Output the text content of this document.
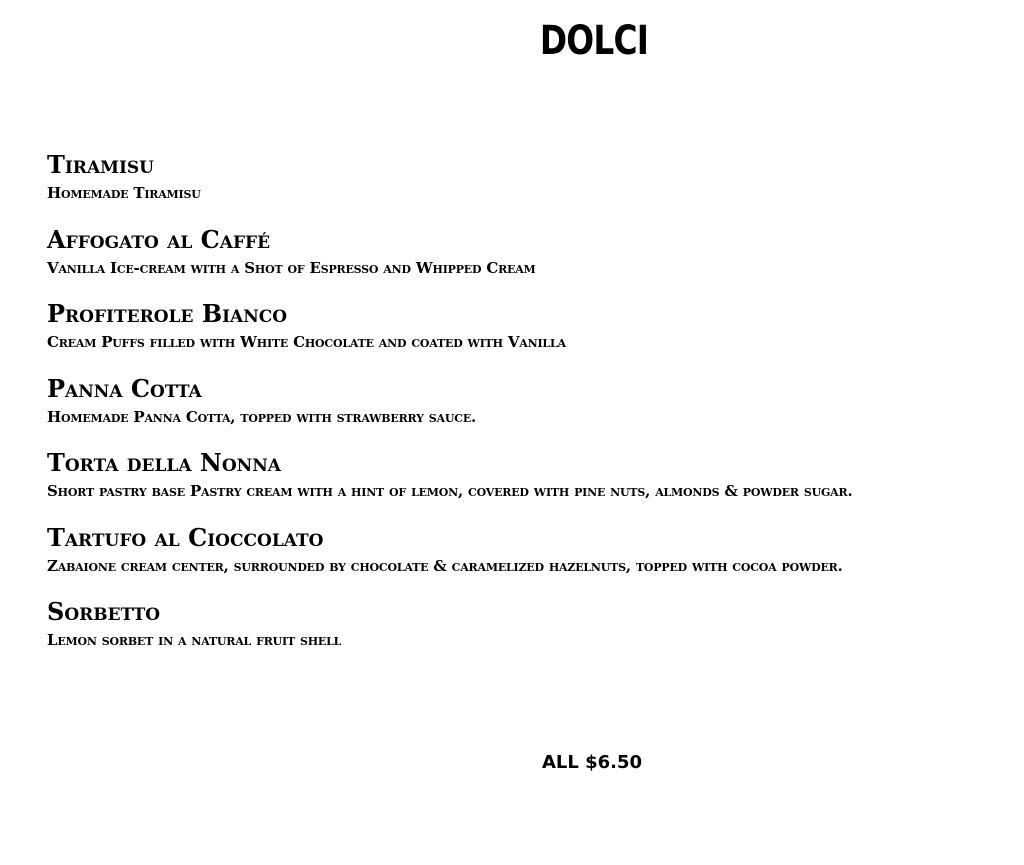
DOLCI
Tiramisu
Homemade Tiramisu
Affogato al Caffé
Vanilla Ice-cream with a Shot of Espresso and Whipped Cream
Profiterole Bianco
Cream Puffs filled with White Chocolate and coated with Vanilla
Panna Cotta
Homemade Panna Cotta, topped with strawberry sauce.
Torta della Nonna
Short pastry base Pastry cream with a hint of lemon, covered with pine nuts, almonds & powder sugar.
Tartufo al Cioccolato
Zabaione cream center, surrounded by chocolate & caramelized hazelnuts, topped with cocoa powder.
Sorbetto
Lemon sorbet in a natural fruit shell
ALL $6.50
